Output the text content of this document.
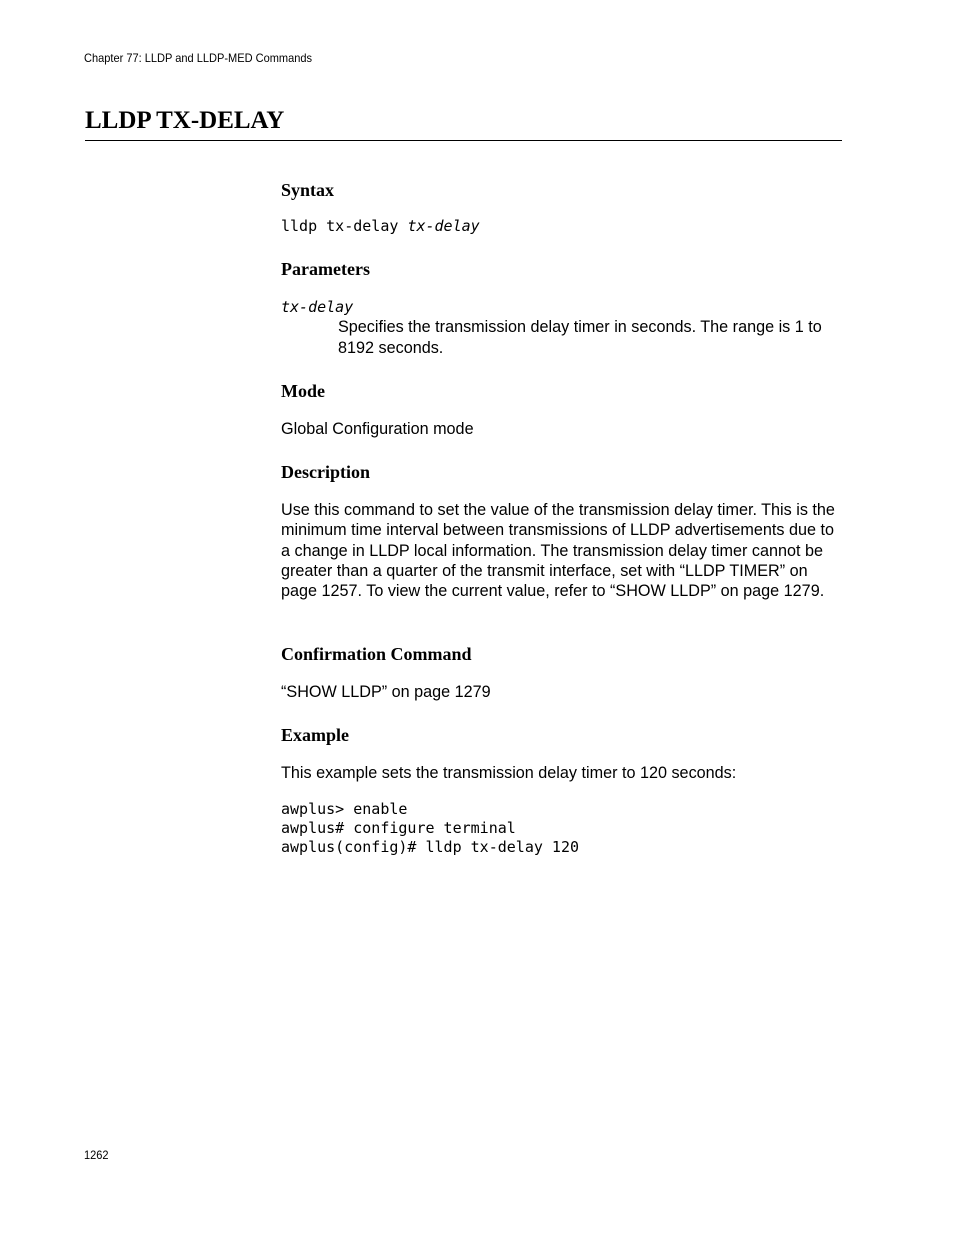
Chapter 77: LLDP and LLDP-MED Commands
LLDP TX-DELAY
Syntax

lldp tx-delay tx-delay

Parameters

tx-delay

Specifies the transmission delay timer in seconds. The range is 1 to 8192 seconds.

Mode

Global Configuration mode

Description

Use this command to set the value of the transmission delay timer. This is the minimum time interval between transmissions of LLDP advertisements due to a change in LLDP local information. The transmission delay timer cannot be greater than a quarter of the transmit interface, set with “LLDP TIMER” on page 1257. To view the current value, refer to “SHOW LLDP” on page 1279.

Confirmation Command

“SHOW LLDP” on page 1279

Example

This example sets the transmission delay timer to 120 seconds:

awplus> enable
awplus# configure terminal
awplus(config)# lldp tx-delay 120

1262
